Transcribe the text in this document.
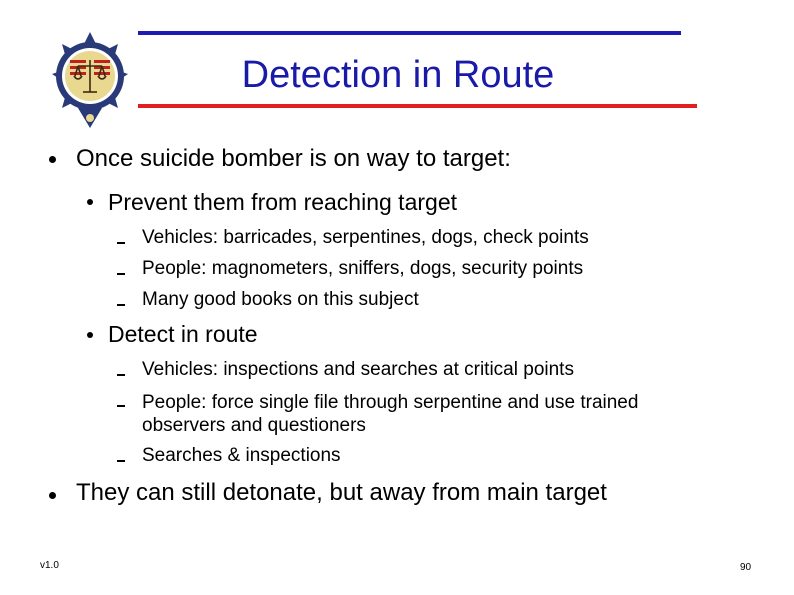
Detection in Route
Once suicide bomber is on way to target:
Prevent them from reaching target
Vehicles: barricades, serpentines, dogs, check points
People: magnometers, sniffers, dogs, security points
Many good books on this subject
Detect in route
Vehicles: inspections and searches at critical points
People: force single file through serpentine and use trained observers and questioners
Searches & inspections
They can still detonate, but away from main target
v1.0	90
